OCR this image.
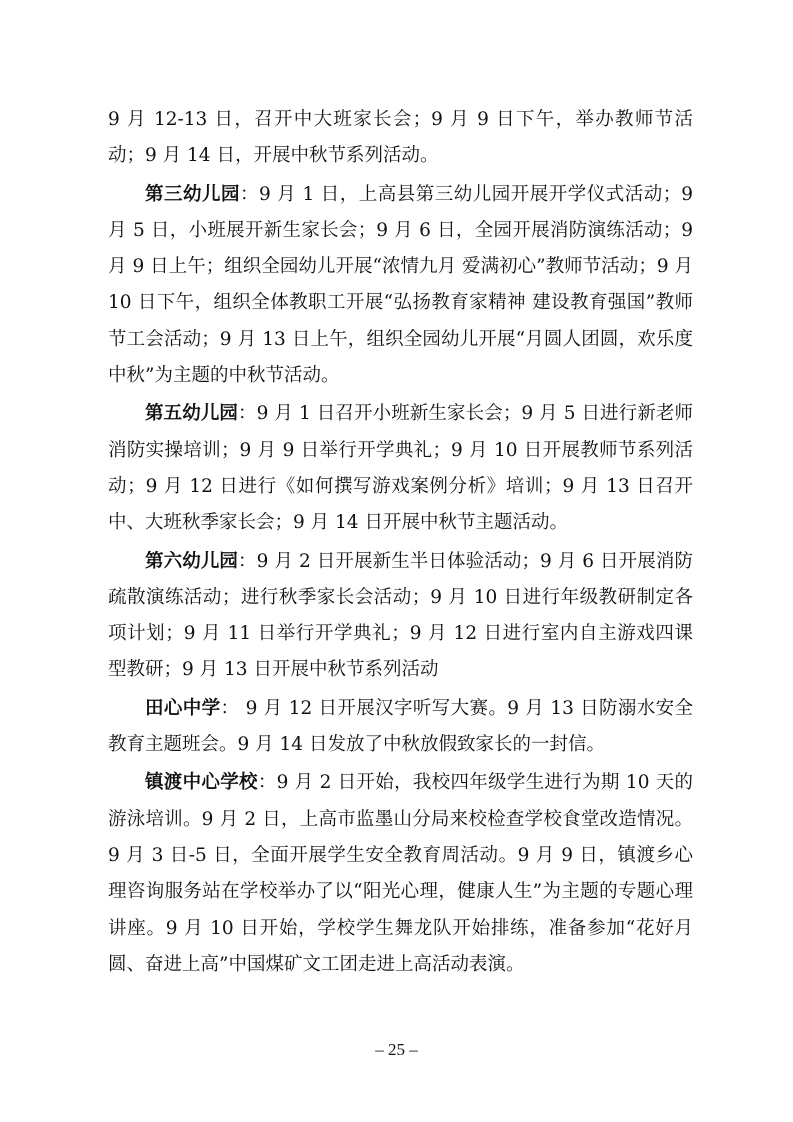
9 月 12-13 日，召开中大班家长会；9 月 9 日下午，举办教师节活动；9 月 14 日，开展中秋节系列活动。

第三幼儿园：9 月 1 日，上高县第三幼儿园开展开学仪式活动；9 月 5 日，小班展开新生家长会；9 月 6 日，全园开展消防演练活动；9 月 9 日上午；组织全园幼儿开展“浓情九月 爱满初心”教师节活动；9 月 10 日下午，组织全体教职工开展“弘扬教育家精神 建设教育强国”教师节工会活动；9 月 13 日上午，组织全园幼儿开展“月圆人团圆，欢乐度中秋”为主题的中秋节活动。

第五幼儿园：9 月 1 日召开小班新生家长会；9 月 5 日进行新老师消防实操培训；9 月 9 日举行开学典礼；9 月 10 日开展教师节系列活动；9 月 12 日进行《如何撰写游戏案例分析》培训；9 月 13 日召开中、大班秋季家长会；9 月 14 日开展中秋节主题活动。

第六幼儿园：9 月 2 日开展新生半日体验活动；9 月 6 日开展消防疏散演练活动；进行秋季家长会活动；9 月 10 日进行年级教研制定各项计划；9 月 11 日举行开学典礼；9 月 12 日进行室内自主游戏四课型教研；9 月 13 日开展中秋节系列活动

田心中学： 9 月 12 日开展汉字听写大赛。9 月 13 日防溺水安全教育主题班会。9 月 14 日发放了中秋放假致家长的一封信。

镇渡中心学校：9 月 2 日开始，我校四年级学生进行为期 10 天的游泳培训。9 月 2 日，上高市监墨山分局来校检查学校食堂改造情况。9 月 3 日-5 日，全面开展学生安全教育周活动。9 月 9 日，镇渡乡心理咨询服务站在学校举办了以“阳光心理，健康人生”为主题的专题心理讲座。9 月 10 日开始，学校学生舞龙队开始排练，准备参加“花好月圆、奋进上高”中国煤矿文工团走进上高活动表演。

– 25 –
